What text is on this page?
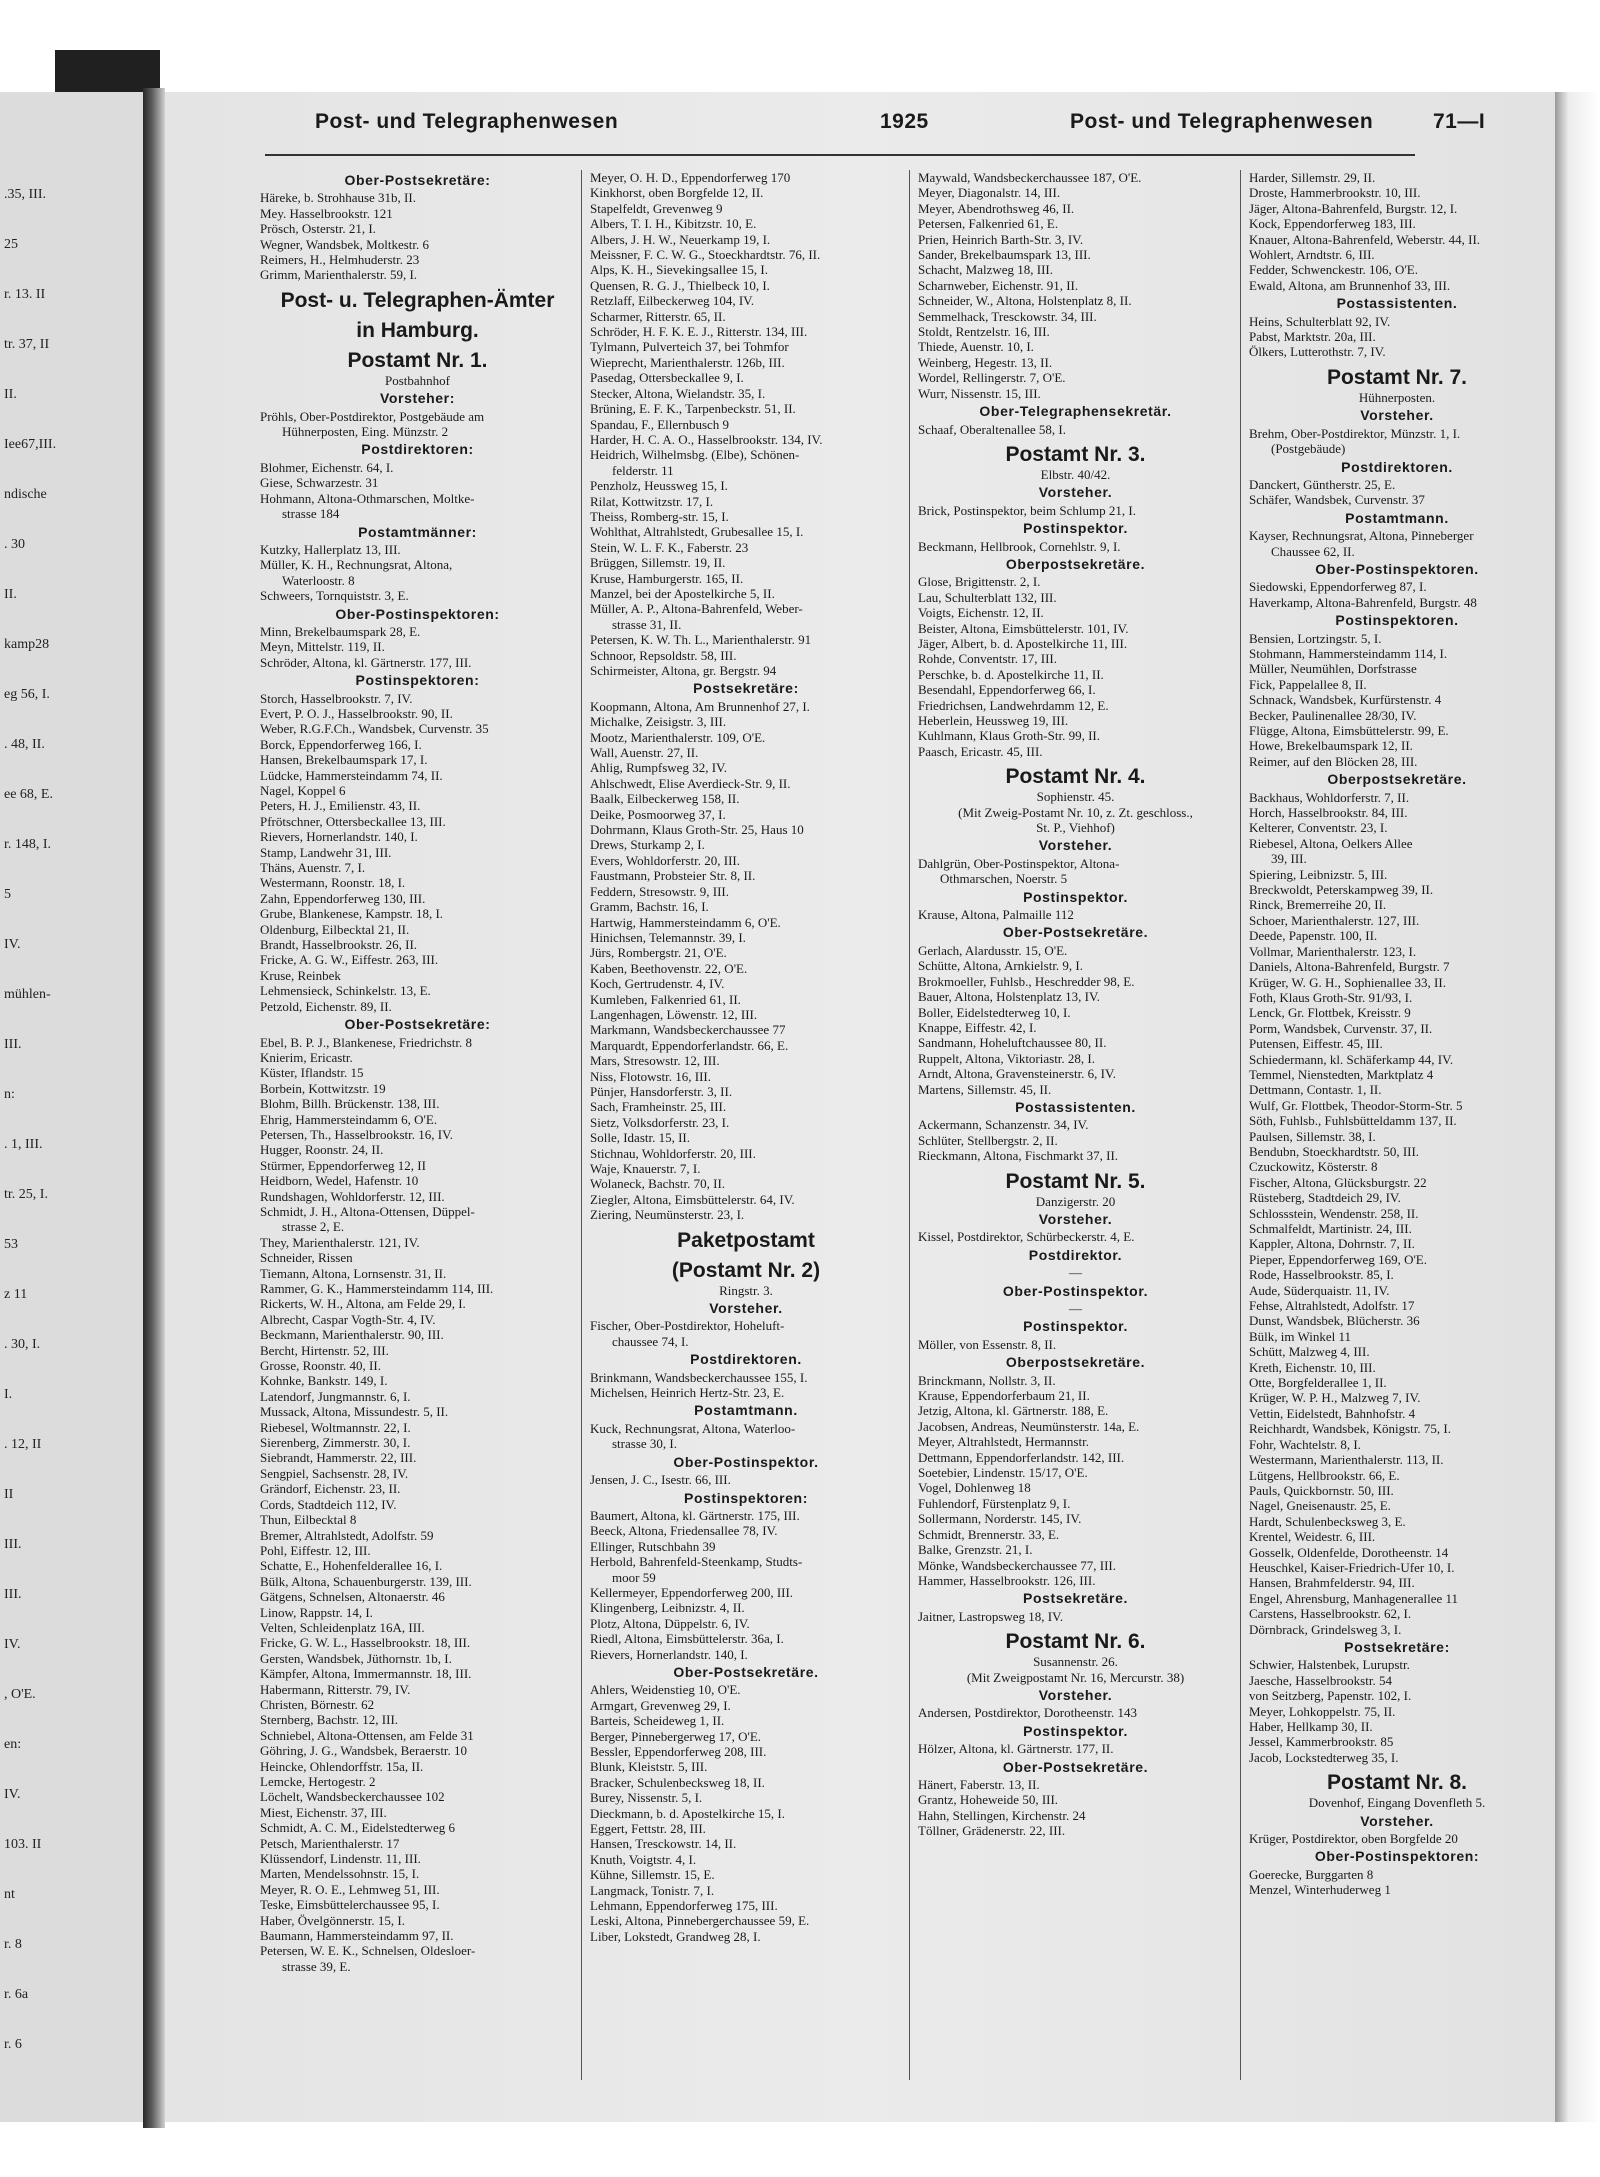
.35, III.
25
r. 13. II
tr. 37, II
II.
Iee67,III.
ndische
. 30
II.
kamp28
eg 56, I.
. 48, II.
ee 68, E.
r. 148, I.
5
IV.
mühlen-
III.
n:
. 1, III.
tr. 25, I.
53
z 11
. 30, I.
I.
. 12, II
II
III.
III.
IV.
, O'E.
en:
IV.
103. II
nt
r. 8
r. 6a
r. 6
Post- und Telegraphenwesen	1925	Post- und Telegraphenwesen	71—I
Ober-Postsekretäre:
Häreke, b. Strohhause 31b, II.
Mey. Hasselbrookstr. 121
Prösch, Osterstr. 21, I.
Wegner, Wandsbek, Moltkestr. 6
Reimers, H., Helmhuderstr. 23
Grimm, Marienthalerstr. 59, I.
Post- u. Telegraphen-Ämter
in Hamburg.
Postamt Nr. 1.
Postbahnhof
Vorsteher:
Pröhls, Ober-Postdirektor, Postgebäude am
Hühnerposten, Eing. Münzstr. 2
Postdirektoren:
Blohmer, Eichenstr. 64, I.
Giese, Schwarzestr. 31
Hohmann, Altona-Othmarschen, Moltke-
strasse 184
Postamtmänner:
Kutzky, Hallerplatz 13, III.
Müller, K. H., Rechnungsrat, Altona,
Waterloostr. 8
Schweers, Tornquiststr. 3, E.
Ober-Postinspektoren:
Minn, Brekelbaumspark 28, E.
Meyn, Mittelstr. 119, II.
Schröder, Altona, kl. Gärtnerstr. 177, III.
Postinspektoren:
Storch, Hasselbrookstr. 7, IV.
Evert, P. O. J., Hasselbrookstr. 90, II.
Weber, R.G.F.Ch., Wandsbek, Curvenstr. 35
Borck, Eppendorferweg 166, I.
Hansen, Brekelbaumspark 17, I.
Lüdcke, Hammersteindamm 74, II.
Nagel, Koppel 6
Peters, H. J., Emilienstr. 43, II.
Pfrötschner, Ottersbeckallee 13, III.
Rievers, Hornerlandstr. 140, I.
Stamp, Landwehr 31, III.
Thäns, Auenstr. 7, I.
Westermann, Roonstr. 18, I.
Zahn, Eppendorferweg 130, III.
Grube, Blankenese, Kampstr. 18, I.
Oldenburg, Eilbecktal 21, II.
Brandt, Hasselbrookstr. 26, II.
Fricke, A. G. W., Eiffestr. 263, III.
Kruse, Reinbek
Lehmensieck, Schinkelstr. 13, E.
Petzold, Eichenstr. 89, II.
Ober-Postsekretäre:
Ebel, B. P. J., Blankenese, Friedrichstr. 8
Knierim, Ericastr.
Küster, Iflandstr. 15
Borbein, Kottwitzstr. 19
Blohm, Billh. Brückenstr. 138, III.
Ehrig, Hammersteindamm 6, O'E.
Petersen, Th., Hasselbrookstr. 16, IV.
Hugger, Roonstr. 24, II.
Stürmer, Eppendorferweg 12, II
Heidborn, Wedel, Hafenstr. 10
Rundshagen, Wohldorferstr. 12, III.
Schmidt, J. H., Altona-Ottensen, Düppel-
strasse 2, E.
They, Marienthalerstr. 121, IV.
Schneider, Rissen
Tiemann, Altona, Lornsenstr. 31, II.
Rammer, G. K., Hammersteindamm 114, III.
Rickerts, W. H., Altona, am Felde 29, I.
Albrecht, Caspar Vogth-Str. 4, IV.
Beckmann, Marienthalerstr. 90, III.
Bercht, Hirtenstr. 52, III.
Grosse, Roonstr. 40, II.
Kohnke, Bankstr. 149, I.
Latendorf, Jungmannstr. 6, I.
Mussack, Altona, Missundestr. 5, II.
Riebesel, Woltmannstr. 22, I.
Sierenberg, Zimmerstr. 30, I.
Siebrandt, Hammerstr. 22, III.
Sengpiel, Sachsenstr. 28, IV.
Grändorf, Eichenstr. 23, II.
Cords, Stadtdeich 112, IV.
Thun, Eilbecktal 8
Bremer, Altrahlstedt, Adolfstr. 59
Pohl, Eiffestr. 12, III.
Schatte, E., Hohenfelderallee 16, I.
Bülk, Altona, Schauenburgerstr. 139, III.
Gätgens, Schnelsen, Altonaerstr. 46
Linow, Rappstr. 14, I.
Velten, Schleidenplatz 16A, III.
Fricke, G. W. L., Hasselbrookstr. 18, III.
Gersten, Wandsbek, Jüthornstr. 1b, I.
Kämpfer, Altona, Immermannstr. 18, III.
Habermann, Ritterstr. 79, IV.
Christen, Börnestr. 62
Sternberg, Bachstr. 12, III.
Schniebel, Altona-Ottensen, am Felde 31
Göhring, J. G., Wandsbek, Beraerstr. 10
Heincke, Ohlendorffstr. 15a, II.
Lemcke, Hertogestr. 2
Löchelt, Wandsbeckerchaussee 102
Miest, Eichenstr. 37, III.
Schmidt, A. C. M., Eidelstedterweg 6
Petsch, Marienthalerstr. 17
Klüssendorf, Lindenstr. 11, III.
Marten, Mendelssohnstr. 15, I.
Meyer, R. O. E., Lehmweg 51, III.
Teske, Eimsbüttelerchaussee 95, I.
Haber, Övelgönnerstr. 15, I.
Baumann, Hammersteindamm 97, II.
Petersen, W. E. K., Schnelsen, Oldesloer-
strasse 39, E.
Meyer, O. H. D., Eppendorferweg 170
Kinkhorst, oben Borgfelde 12, II.
Stapelfeldt, Grevenweg 9
Albers, T. I. H., Kibitzstr. 10, E.
Albers, J. H. W., Neuerkamp 19, I.
Meissner, F. C. W. G., Stoeckhardtstr. 76, II.
Alps, K. H., Sievekingsallee 15, I.
Quensen, R. G. J., Thielbeck 10, I.
Retzlaff, Eilbeckerweg 104, IV.
Scharmer, Ritterstr. 65, II.
Schröder, H. F. K. E. J., Ritterstr. 134, III.
Tylmann, Pulverteich 37, bei Tohmfor
Wieprecht, Marienthalerstr. 126b, III.
Pasedag, Ottersbeckallee 9, I.
Stecker, Altona, Wielandstr. 35, I.
Brüning, E. F. K., Tarpenbeckstr. 51, II.
Spandau, F., Ellernbusch 9
Harder, H. C. A. O., Hasselbrookstr. 134, IV.
Heidrich, Wilhelmsbg. (Elbe), Schönen-
felderstr. 11
Penzholz, Heussweg 15, I.
Rilat, Kottwitzstr. 17, I.
Theiss, Romberg-str. 15, I.
Wohlthat, Altrahlstedt, Grubesallee 15, I.
Stein, W. L. F. K., Faberstr. 23
Brüggen, Sillemstr. 19, II.
Kruse, Hamburgerstr. 165, II.
Manzel, bei der Apostelkirche 5, II.
Müller, A. P., Altona-Bahrenfeld, Weber-
strasse 31, II.
Petersen, K. W. Th. L., Marienthalerstr. 91
Schnoor, Repsoldstr. 58, III.
Schirmeister, Altona, gr. Bergstr. 94
Postsekretäre:
Koopmann, Altona, Am Brunnenhof 27, I.
Michalke, Zeisigstr. 3, III.
Mootz, Marienthalerstr. 109, O'E.
Wall, Auenstr. 27, II.
Ahlig, Rumpfsweg 32, IV.
Ahlschwedt, Elise Averdieck-Str. 9, II.
Baalk, Eilbeckerweg 158, II.
Deike, Posmoorweg 37, I.
Dohrmann, Klaus Groth-Str. 25, Haus 10
Drews, Sturkamp 2, I.
Evers, Wohldorferstr. 20, III.
Faustmann, Probsteier Str. 8, II.
Feddern, Stresowstr. 9, III.
Gramm, Bachstr. 16, I.
Hartwig, Hammersteindamm 6, O'E.
Hinichsen, Telemannstr. 39, I.
Jürs, Rombergstr. 21, O'E.
Kaben, Beethovenstr. 22, O'E.
Koch, Gertrudenstr. 4, IV.
Kumleben, Falkenried 61, II.
Langenhagen, Löwenstr. 12, III.
Markmann, Wandsbeckerchaussee 77
Marquardt, Eppendorferlandstr. 66, E.
Mars, Stresowstr. 12, III.
Niss, Flotowstr. 16, III.
Pünjer, Hansdorferstr. 3, II.
Sach, Framheinstr. 25, III.
Sietz, Volksdorferstr. 23, I.
Solle, Idastr. 15, II.
Stichnau, Wohldorferstr. 20, III.
Waje, Knauerstr. 7, I.
Wolaneck, Bachstr. 70, II.
Ziegler, Altona, Eimsbüttelerstr. 64, IV.
Ziering, Neumünsterstr. 23, I.
Paketpostamt
(Postamt Nr. 2)
Ringstr. 3.
Vorsteher.
Fischer, Ober-Postdirektor, Hoheluft-
chaussee 74, I.
Postdirektoren.
Brinkmann, Wandsbeckerchaussee 155, I.
Michelsen, Heinrich Hertz-Str. 23, E.
Postamtmann.
Kuck, Rechnungsrat, Altona, Waterloo-
strasse 30, I.
Ober-Postinspektor.
Jensen, J. C., Isestr. 66, III.
Postinspektoren:
Baumert, Altona, kl. Gärtnerstr. 175, III.
Beeck, Altona, Friedensallee 78, IV.
Ellinger, Rutschbahn 39
Herbold, Bahrenfeld-Steenkamp, Studts-
moor 59
Kellermeyer, Eppendorferweg 200, III.
Klingenberg, Leibnizstr. 4, II.
Plotz, Altona, Düppelstr. 6, IV.
Riedl, Altona, Eimsbüttelerstr. 36a, I.
Rievers, Hornerlandstr. 140, I.
Ober-Postsekretäre.
Ahlers, Weidenstieg 10, O'E.
Armgart, Grevenweg 29, I.
Barteis, Scheideweg 1, II.
Berger, Pinnebergerweg 17, O'E.
Bessler, Eppendorferweg 208, III.
Blunk, Kleiststr. 5, III.
Bracker, Schulenbecksweg 18, II.
Burey, Nissenstr. 5, I.
Dieckmann, b. d. Apostelkirche 15, I.
Eggert, Fettstr. 28, III.
Hansen, Tresckowstr. 14, II.
Knuth, Voigtstr. 4, I.
Kühne, Sillemstr. 15, E.
Langmack, Tonistr. 7, I.
Lehmann, Eppendorferweg 175, III.
Leski, Altona, Pinnebergerchaussee 59, E.
Liber, Lokstedt, Grandweg 28, I.
Maywald, Wandsbeckerchaussee 187, O'E.
Meyer, Diagonalstr. 14, III.
Meyer, Abendrothsweg 46, II.
Petersen, Falkenried 61, E.
Prien, Heinrich Barth-Str. 3, IV.
Sander, Brekelbaumspark 13, III.
Schacht, Malzweg 18, III.
Scharnweber, Eichenstr. 91, II.
Schneider, W., Altona, Holstenplatz 8, II.
Semmelhack, Tresckowstr. 34, III.
Stoldt, Rentzelstr. 16, III.
Thiede, Auenstr. 10, I.
Weinberg, Hegestr. 13, II.
Wordel, Rellingerstr. 7, O'E.
Wurr, Nissenstr. 15, III.
Ober-Telegraphensekretär.
Schaaf, Oberaltenallee 58, I.
Postamt Nr. 3.
Elbstr. 40/42.
Vorsteher.
Brick, Postinspektor, beim Schlump 21, I.
Postinspektor.
Beckmann, Hellbrook, Cornehlstr. 9, I.
Oberpostsekretäre.
Glose, Brigittenstr. 2, I.
Lau, Schulterblatt 132, III.
Voigts, Eichenstr. 12, II.
Beister, Altona, Eimsbüttelerstr. 101, IV.
Jäger, Albert, b. d. Apostelkirche 11, III.
Rohde, Conventstr. 17, III.
Perschke, b. d. Apostelkirche 11, II.
Besendahl, Eppendorferweg 66, I.
Friedrichsen, Landwehrdamm 12, E.
Heberlein, Heussweg 19, III.
Kuhlmann, Klaus Groth-Str. 99, II.
Paasch, Ericastr. 45, III.
Postamt Nr. 4.
Sophienstr. 45.
(Mit Zweig-Postamt Nr. 10, z. Zt. geschloss.,
St. P., Viehhof)
Vorsteher.
Dahlgrün, Ober-Postinspektor, Altona-
Othmarschen, Noerstr. 5
Postinspektor.
Krause, Altona, Palmaille 112
Ober-Postsekretäre.
Gerlach, Alardusstr. 15, O'E.
Schütte, Altona, Arnkielstr. 9, I.
Brokmoeller, Fuhlsb., Heschredder 98, E.
Bauer, Altona, Holstenplatz 13, IV.
Boller, Eidelstedterweg 10, I.
Knappe, Eiffestr. 42, I.
Sandmann, Hoheluftchaussee 80, II.
Ruppelt, Altona, Viktoriastr. 28, I.
Arndt, Altona, Gravensteinerstr. 6, IV.
Martens, Sillemstr. 45, II.
Postassistenten.
Ackermann, Schanzenstr. 34, IV.
Schlüter, Stellbergstr. 2, II.
Rieckmann, Altona, Fischmarkt 37, II.
Postamt Nr. 5.
Danzigerstr. 20
Vorsteher.
Kissel, Postdirektor, Schürbeckerstr. 4, E.
Postdirektor.
—
Ober-Postinspektor.
—
Postinspektor.
Möller, von Essenstr. 8, II.
Oberpostsekretäre.
Brinckmann, Nollstr. 3, II.
Krause, Eppendorferbaum 21, II.
Jetzig, Altona, kl. Gärtnerstr. 188, E.
Jacobsen, Andreas, Neumünsterstr. 14a, E.
Meyer, Altrahlstedt, Hermannstr.
Dettmann, Eppendorferlandstr. 142, III.
Soetebier, Lindenstr. 15/17, O'E.
Vogel, Dohlenweg 18
Fuhlendorf, Fürstenplatz 9, I.
Sollermann, Norderstr. 145, IV.
Schmidt, Brennerstr. 33, E.
Balke, Grenzstr. 21, I.
Mönke, Wandsbeckerchaussee 77, III.
Hammer, Hasselbrookstr. 126, III.
Postsekretäre.
Jaitner, Lastropsweg 18, IV.
Postamt Nr. 6.
Susannenstr. 26.
(Mit Zweigpostamt Nr. 16, Mercurstr. 38)
Vorsteher.
Andersen, Postdirektor, Dorotheenstr. 143
Postinspektor.
Hölzer, Altona, kl. Gärtnerstr. 177, II.
Ober-Postsekretäre.
Hänert, Faberstr. 13, II.
Grantz, Hoheweide 50, III.
Hahn, Stellingen, Kirchenstr. 24
Töllner, Grädenerstr. 22, III.
Harder, Sillemstr. 29, II.
Droste, Hammerbrookstr. 10, III.
Jäger, Altona-Bahrenfeld, Burgstr. 12, I.
Kock, Eppendorferweg 183, III.
Knauer, Altona-Bahrenfeld, Weberstr. 44, II.
Wohlert, Arndtstr. 6, III.
Fedder, Schwenckestr. 106, O'E.
Ewald, Altona, am Brunnenhof 33, III.
Postassistenten.
Heins, Schulterblatt 92, IV.
Pabst, Marktstr. 20a, III.
Ölkers, Lutterothstr. 7, IV.
Postamt Nr. 7.
Hühnerposten.
Vorsteher.
Brehm, Ober-Postdirektor, Münzstr. 1, I.
(Postgebäude)
Postdirektoren.
Danckert, Güntherstr. 25, E.
Schäfer, Wandsbek, Curvenstr. 37
Postamtmann.
Kayser, Rechnungsrat, Altona, Pinneberger
Chaussee 62, II.
Ober-Postinspektoren.
Siedowski, Eppendorferweg 87, I.
Haverkamp, Altona-Bahrenfeld, Burgstr. 48
Postinspektoren.
Bensien, Lortzingstr. 5, I.
Stohmann, Hammersteindamm 114, I.
Müller, Neumühlen, Dorfstrasse
Fick, Pappelallee 8, II.
Schnack, Wandsbek, Kurfürstenstr. 4
Becker, Paulinenallee 28/30, IV.
Flügge, Altona, Eimsbüttelerstr. 99, E.
Howe, Brekelbaumspark 12, II.
Reimer, auf den Blöcken 28, III.
Oberpostsekretäre.
Backhaus, Wohldorferstr. 7, II.
Horch, Hasselbrookstr. 84, III.
Kelterer, Conventstr. 23, I.
Riebesel, Altona, Oelkers Allee
39, III.
Spiering, Leibnizstr. 5, III.
Breckwoldt, Peterskampweg 39, II.
Rinck, Bremerreihe 20, II.
Schoer, Marienthalerstr. 127, III.
Deede, Papenstr. 100, II.
Vollmar, Marienthalerstr. 123, I.
Daniels, Altona-Bahrenfeld, Burgstr. 7
Krüger, W. G. H., Sophienallee 33, II.
Foth, Klaus Groth-Str. 91/93, I.
Lenck, Gr. Flottbek, Kreisstr. 9
Porm, Wandsbek, Curvenstr. 37, II.
Putensen, Eiffestr. 45, III.
Schiedermann, kl. Schäferkamp 44, IV.
Temmel, Nienstedten, Marktplatz 4
Dettmann, Contastr. 1, II.
Wulf, Gr. Flottbek, Theodor-Storm-Str. 5
Söth, Fuhlsb., Fuhlsbütteldamm 137, II.
Paulsen, Sillemstr. 38, I.
Bendubn, Stoeckhardtstr. 50, III.
Czuckowitz, Kösterstr. 8
Fischer, Altona, Glücksburgstr. 22
Rüsteberg, Stadtdeich 29, IV.
Schlossstein, Wendenstr. 258, II.
Schmalfeldt, Martinistr. 24, III.
Kappler, Altona, Dohrnstr. 7, II.
Pieper, Eppendorferweg 169, O'E.
Rode, Hasselbrookstr. 85, I.
Aude, Süderquaistr. 11, IV.
Fehse, Altrahlstedt, Adolfstr. 17
Dunst, Wandsbek, Blücherstr. 36
Bülk, im Winkel 11
Schütt, Malzweg 4, III.
Kreth, Eichenstr. 10, III.
Otte, Borgfelderallee 1, II.
Krüger, W. P. H., Malzweg 7, IV.
Vettin, Eidelstedt, Bahnhofstr. 4
Reichhardt, Wandsbek, Königstr. 75, I.
Fohr, Wachtelstr. 8, I.
Westermann, Marienthalerstr. 113, II.
Lütgens, Hellbrookstr. 66, E.
Pauls, Quickbornstr. 50, III.
Nagel, Gneisenaustr. 25, E.
Hardt, Schulenbecksweg 3, E.
Krentel, Weidestr. 6, III.
Gosselk, Oldenfelde, Dorotheenstr. 14
Heuschkel, Kaiser-Friedrich-Ufer 10, I.
Hansen, Brahmfelderstr. 94, III.
Engel, Ahrensburg, Manhagenerallee 11
Carstens, Hasselbrookstr. 62, I.
Dörnbrack, Grindelsweg 3, I.
Postsekretäre:
Schwier, Halstenbek, Lurupstr.
Jaesche, Hasselbrookstr. 54
von Seitzberg, Papenstr. 102, I.
Meyer, Lohkoppelstr. 75, II.
Haber, Hellkamp 30, II.
Jessel, Kammerbrookstr. 85
Jacob, Lockstedterweg 35, I.
Postamt Nr. 8.
Dovenhof, Eingang Dovenfleth 5.
Vorsteher.
Krüger, Postdirektor, oben Borgfelde 20
Ober-Postinspektoren:
Goerecke, Burggarten 8
Menzel, Winterhuderweg 1
